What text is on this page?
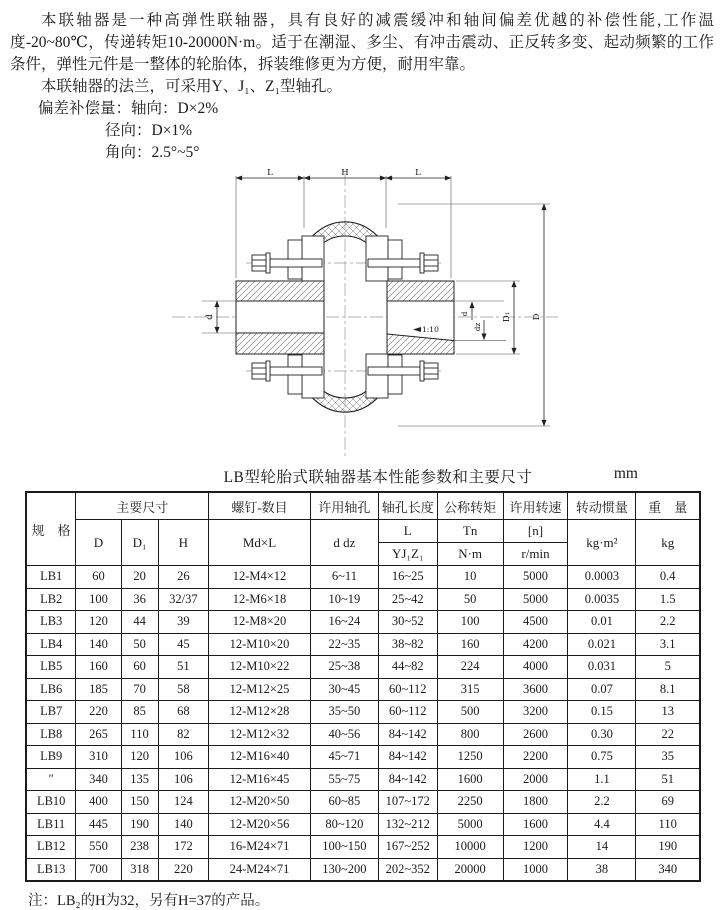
本联轴器是一种高弹性联轴器，具有良好的减震缓冲和轴间偏差优越的补偿性能,工作温度-20~80℃，传递转矩10-20000N·m。适于在潮湿、多尘、有冲击震动、正反转多变、起动频繁的工作条件，弹性元件是一整体的轮胎体，拆装维修更为方便，耐用牢靠。

本联轴器的法兰，可采用Y、J₁、Z₁型轴孔。

偏差补偿量：轴向：D×2%

径向：D×1%

角向：2.5°~5°

1:10
L	H	L
d
d
dz
D₁ D
LB型轮胎式联轴器基本性能参数和主要尺寸	mm
规　格	主要尺寸			螺钉-数目	许用轴孔	轴孔长度	公称转矩	许用转速	转动惯量	重　量
	D	D₁	H	Md×L	d dz	L	Tn	[n]	kg·m²	kg
						YJ₁Z₁	N·m	r/min		
LB1	60	20	26	12-M4×12	6~11	16~25	10	5000	0.0003	0.4
LB2	100	36	32/37	12-M6×18	10~19	25~42	50	5000	0.0035	1.5
LB3	120	44	39	12-M8×20	16~24	30~52	100	4500	0.01	2.2
LB4	140	50	45	12-M10×20	22~35	38~82	160	4200	0.021	3.1
LB5	160	60	51	12-M10×22	25~38	44~82	224	4000	0.031	5
LB6	185	70	58	12-M12×25	30~45	60~112	315	3600	0.07	8.1
LB7	220	85	68	12-M12×28	35~50	60~112	500	3200	0.15	13
LB8	265	110	82	12-M12×32	40~56	84~142	800	2600	0.30	22
LB9	310	120	106	12-M16×40	45~71	84~142	1250	2200	0.75	35
″	340	135	106	12-M16×45	55~75	84~142	1600	2000	1.1	51
LB10	400	150	124	12-M20×50	60~85	107~172	2250	1800	2.2	69
LB11	445	190	140	12-M20×56	80~120	132~212	5000	1600	4.4	110
LB12	550	238	172	16-M24×71	100~150	167~252	10000	1200	14	190
LB13	700	318	220	24-M24×71	130~200	202~352	20000	1000	38	340

注：LB₂的H为32，另有H=37的产品。
